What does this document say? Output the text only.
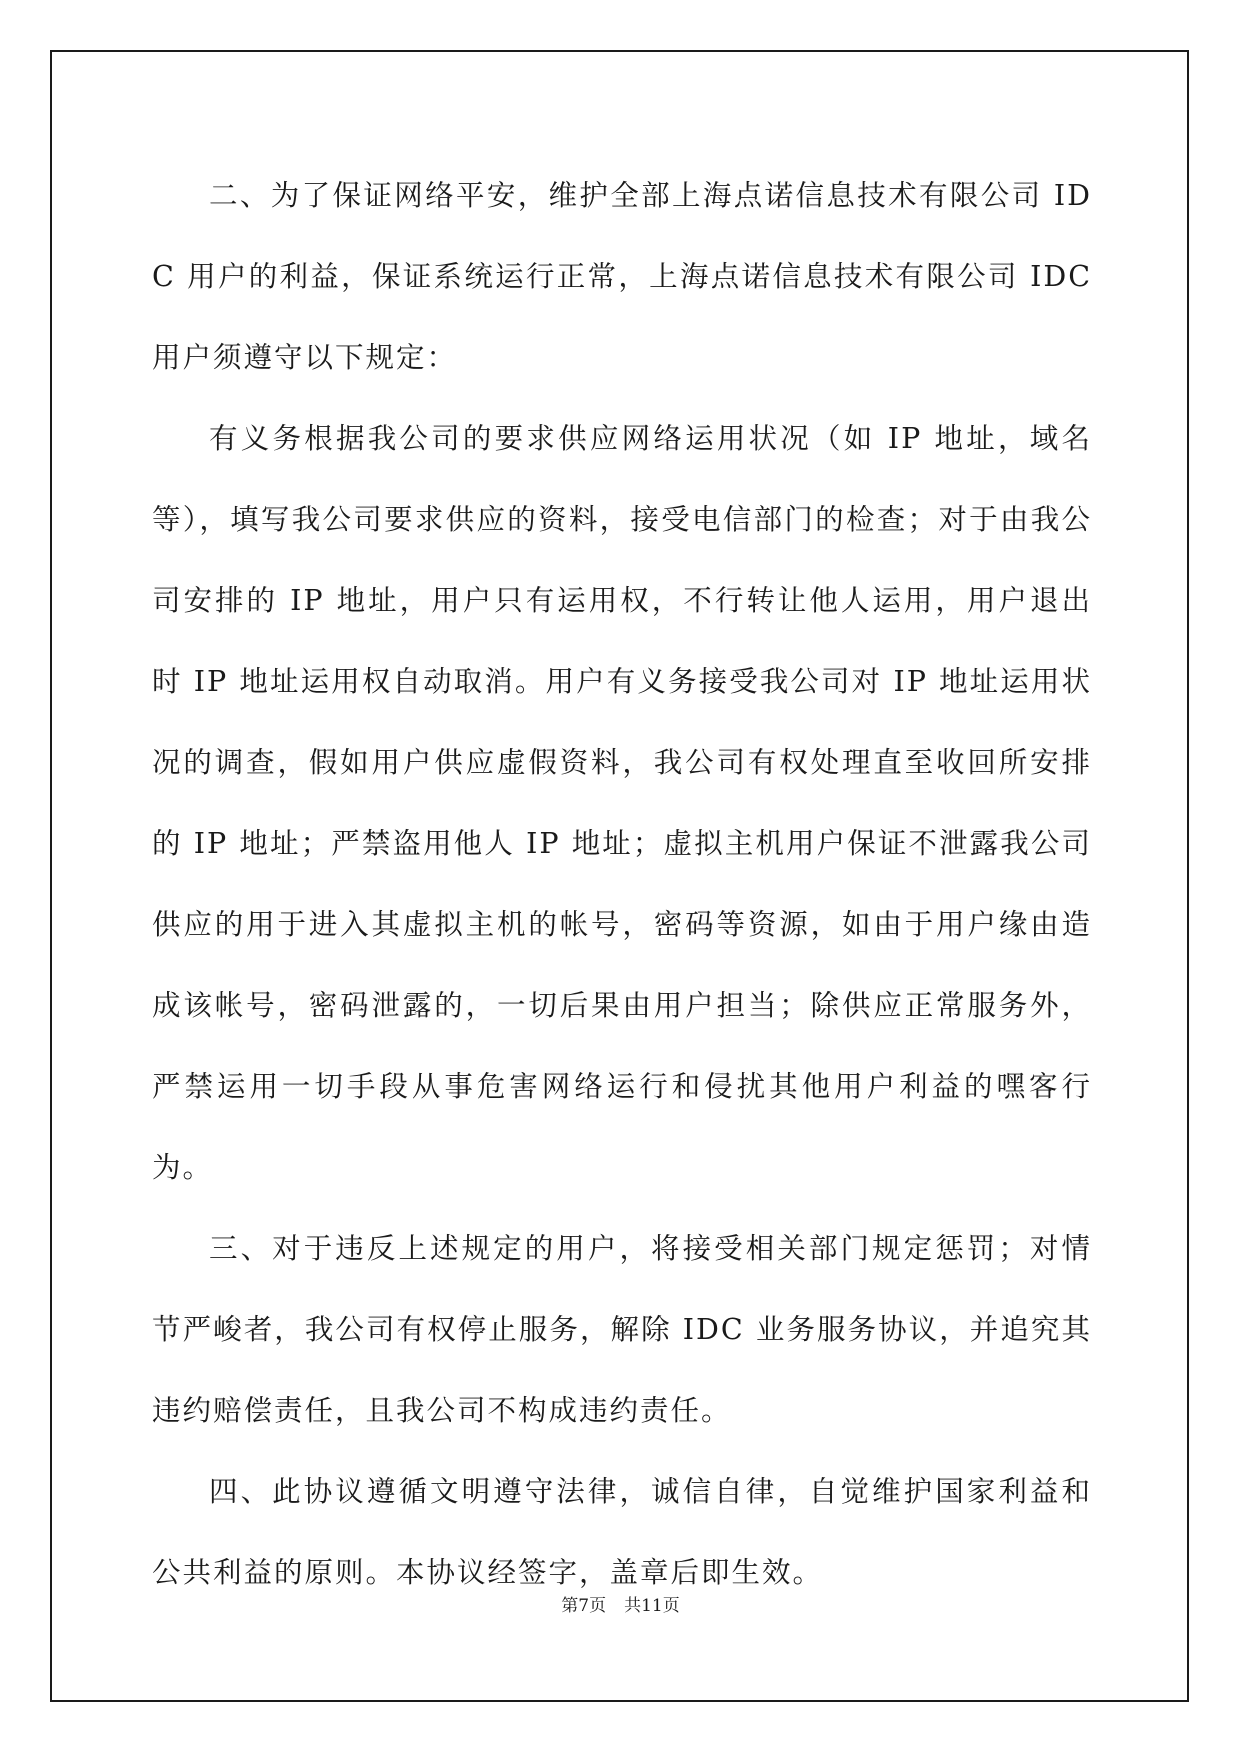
二、为了保证网络平安，维护全部上海点诺信息技术有限公司 IDC 用户的利益，保证系统运行正常，上海点诺信息技术有限公司 IDC 用户须遵守以下规定：

有义务根据我公司的要求供应网络运用状况（如 IP 地址，域名等），填写我公司要求供应的资料，接受电信部门的检查；对于由我公司安排的 IP 地址，用户只有运用权，不行转让他人运用，用户退出时 IP 地址运用权自动取消。用户有义务接受我公司对 IP 地址运用状况的调查，假如用户供应虚假资料，我公司有权处理直至收回所安排的 IP 地址；严禁盗用他人 IP 地址；虚拟主机用户保证不泄露我公司供应的用于进入其虚拟主机的帐号，密码等资源，如由于用户缘由造成该帐号，密码泄露的，一切后果由用户担当；除供应正常服务外，严禁运用一切手段从事危害网络运行和侵扰其他用户利益的嘿客行为。

三、对于违反上述规定的用户，将接受相关部门规定惩罚；对情节严峻者，我公司有权停止服务，解除 IDC 业务服务协议，并追究其违约赔偿责任，且我公司不构成违约责任。

四、此协议遵循文明遵守法律，诚信自律，自觉维护国家利益和公共利益的原则。本协议经签字，盖章后即生效。

第7页 共11页
